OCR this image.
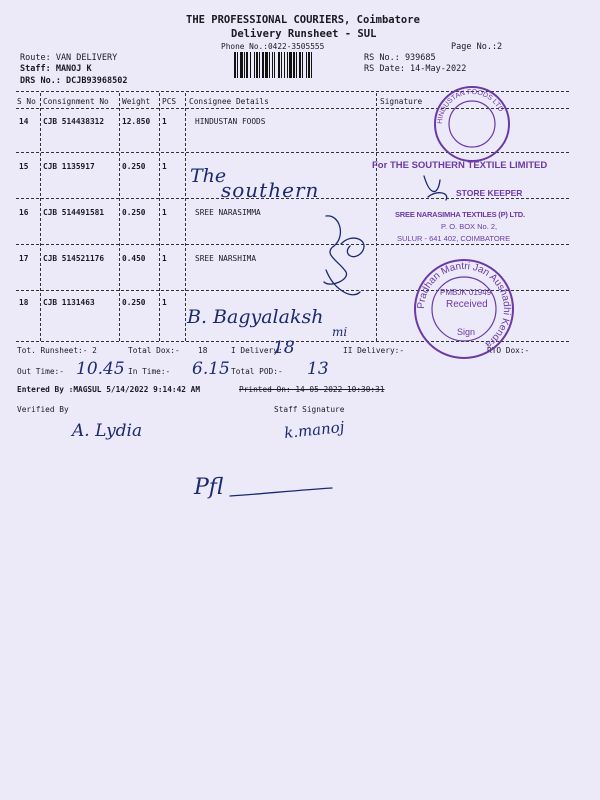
THE PROFESSIONAL COURIERS, Coimbatore
Delivery Runsheet - SUL
Phone No.:0422-3505555	Page No.:2
Route: VAN DELIVERY
Staff: MANOJ K
DRS No.: DCJB93968502
RS No.: 939685
RS Date: 14-May-2022
S No Consignment No Weight PCS Consignee Details	Signature
14 CJB 514438312 12.850 1	HINDUSTAN FOODS
15 CJB 1135917	0.250 1
16 CJB 514491581 0.250 1	SREE NARASIMMA
17 CJB 514521176 0.450 1	SREE NARSHIMA
18 CJB 1131463	0.250 1
Tot. Runsheet:- 2	Total Dox:- 18	I Delivery:-	II Delivery:-	RTO Dox:-
Out Time:-	In Time:-	Total POD:-
Entered By :MAGSUL 5/14/2022 9:14:42 AM	Printed On: 14-05-2022 10:30:31
Verified By	Staff Signature
18
10.45	6.15	13
The
southern
B. Bagyalaksh
mi
A. Lydia	k.manoj
Pfl
HINDUSTAN FOODS LTD
For THE SOUTHERN TEXTILE LIMITED
STORE KEEPER
SREE NARASIMHA TEXTILES (P) LTD.
P. O. BOX No. 2,
SULUR - 641 402, COIMBATORE
Pradhan Mantri Jan Aushadhi Kendra
PMBJK 01949
Received
Sign
